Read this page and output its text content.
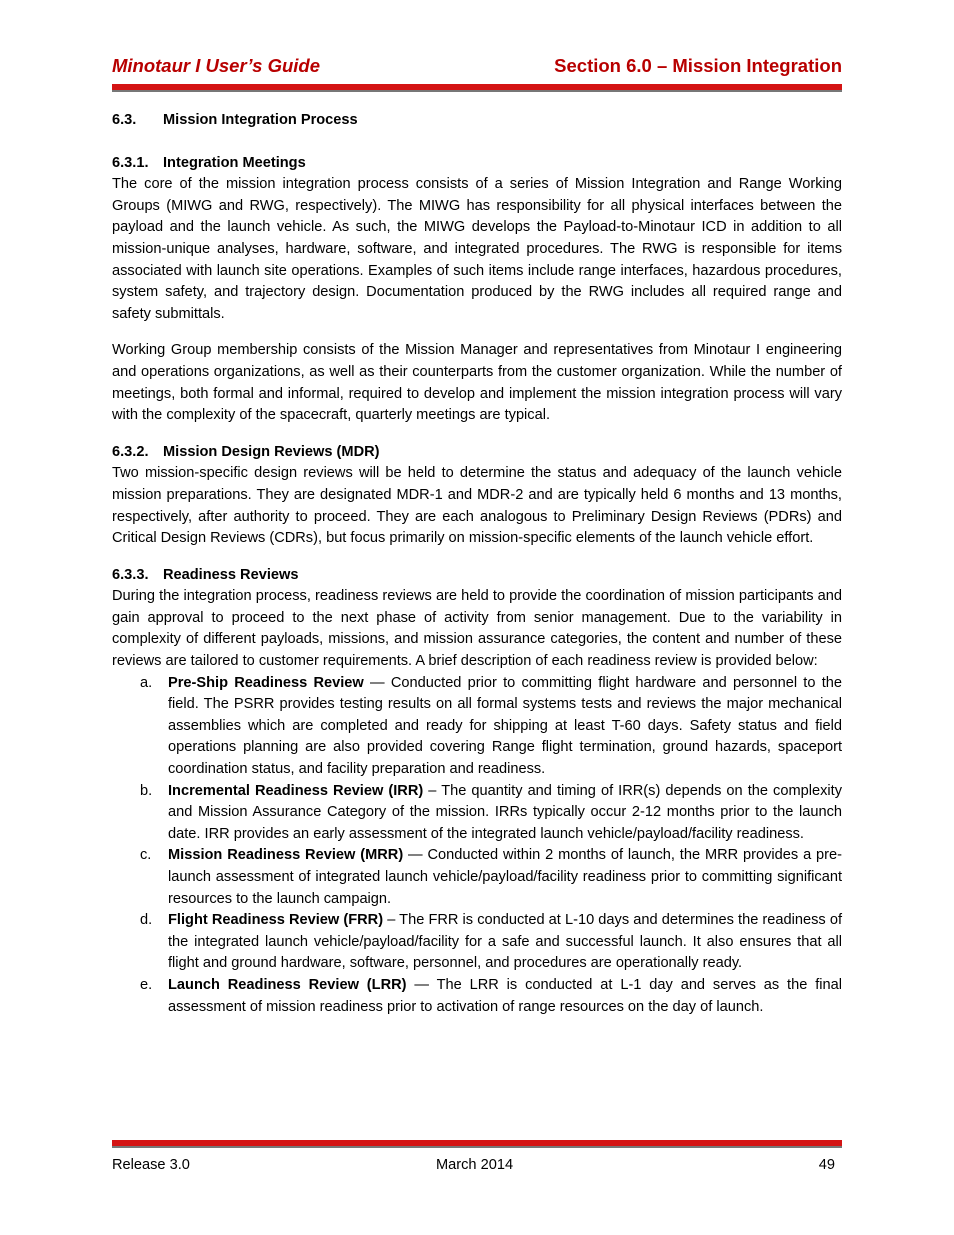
Minotaur I User’s Guide	Section 6.0 – Mission Integration

6.3. Mission Integration Process

6.3.1. Integration Meetings

The core of the mission integration process consists of a series of Mission Integration and Range Working Groups (MIWG and RWG, respectively). The MIWG has responsibility for all physical interfaces between the payload and the launch vehicle. As such, the MIWG develops the Payload-to-Minotaur ICD in addition to all mission-unique analyses, hardware, software, and integrated procedures. The RWG is responsible for items associated with launch site operations. Examples of such items include range interfaces, hazardous procedures, system safety, and trajectory design. Documentation produced by the RWG includes all required range and safety submittals.

Working Group membership consists of the Mission Manager and representatives from Minotaur I engineering and operations organizations, as well as their counterparts from the customer organization. While the number of meetings, both formal and informal, required to develop and implement the mission integration process will vary with the complexity of the spacecraft, quarterly meetings are typical.

6.3.2. Mission Design Reviews (MDR)

Two mission-specific design reviews will be held to determine the status and adequacy of the launch vehicle mission preparations. They are designated MDR-1 and MDR-2 and are typically held 6 months and 13 months, respectively, after authority to proceed. They are each analogous to Preliminary Design Reviews (PDRs) and Critical Design Reviews (CDRs), but focus primarily on mission-specific elements of the launch vehicle effort.

6.3.3. Readiness Reviews

During the integration process, readiness reviews are held to provide the coordination of mission participants and gain approval to proceed to the next phase of activity from senior management. Due to the variability in complexity of different payloads, missions, and mission assurance categories, the content and number of these reviews are tailored to customer requirements. A brief description of each readiness review is provided below:

a. Pre-Ship Readiness Review — Conducted prior to committing flight hardware and personnel to the field. The PSRR provides testing results on all formal systems tests and reviews the major mechanical assemblies which are completed and ready for shipping at least T-60 days. Safety status and field operations planning are also provided covering Range flight termination, ground hazards, spaceport coordination status, and facility preparation and readiness.
b. Incremental Readiness Review (IRR) – The quantity and timing of IRR(s) depends on the complexity and Mission Assurance Category of the mission. IRRs typically occur 2-12 months prior to the launch date. IRR provides an early assessment of the integrated launch vehicle/payload/facility readiness.
c. Mission Readiness Review (MRR) — Conducted within 2 months of launch, the MRR provides a pre-launch assessment of integrated launch vehicle/payload/facility readiness prior to committing significant resources to the launch campaign.
d. Flight Readiness Review (FRR) – The FRR is conducted at L-10 days and determines the readiness of the integrated launch vehicle/payload/facility for a safe and successful launch. It also ensures that all flight and ground hardware, software, personnel, and procedures are operationally ready.
e. Launch Readiness Review (LRR) — The LRR is conducted at L-1 day and serves as the final assessment of mission readiness prior to activation of range resources on the day of launch.
Release 3.0	March 2014	49
